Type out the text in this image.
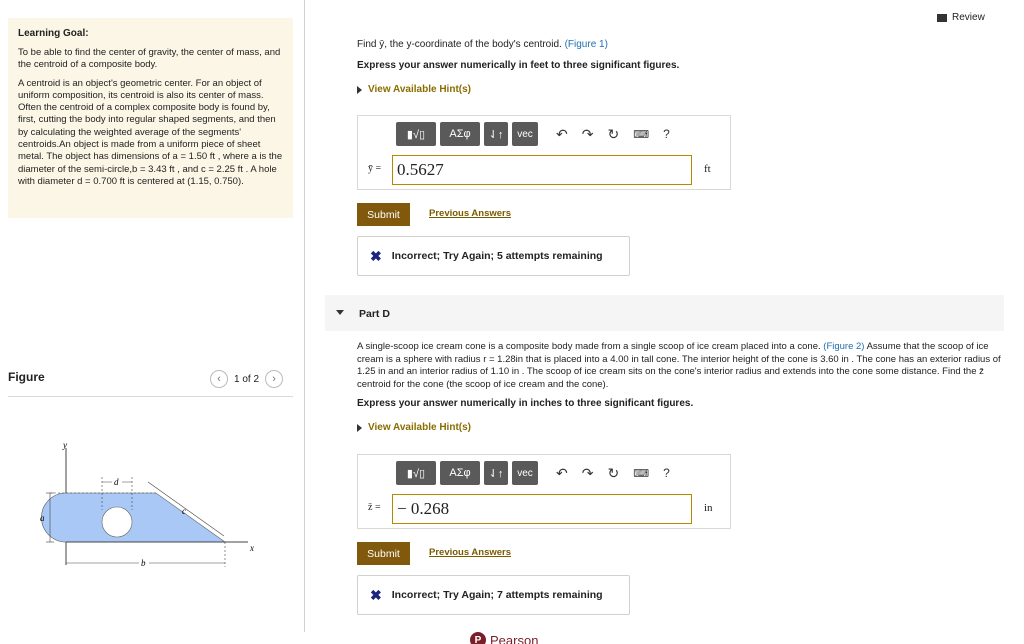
Learning Goal:
To be able to find the center of gravity, the center of mass, and the centroid of a composite body.
A centroid is an object's geometric center. For an object of uniform composition, its centroid is also its center of mass. Often the centroid of a complex composite body is found by, first, cutting the body into regular shaped segments, and then by calculating the weighted average of the segments' centroids.An object is made from a uniform piece of sheet metal. The object has dimensions of a = 1.50 ft , where a is the diameter of the semi-circle,b = 3.43 ft , and c = 2.25 ft . A hole with diameter d = 0.700 ft is centered at (1.15, 0.750).
Figure	‹	1 of 2	›
y
x
a
d
c
b
Review
Find ȳ, the y-coordinate of the body's centroid. (Figure 1)
Express your answer numerically in feet to three significant figures.
View Available Hint(s)
▮√▯	ΑΣφ	⇃↑	vec	↶ ↷ ↻ ⌨ ?
ȳ = 0.5627	ft
Submit	Previous Answers
✖ Incorrect; Try Again; 5 attempts remaining
Part D
A single-scoop ice cream cone is a composite body made from a single scoop of ice cream placed into a cone. (Figure 2) Assume that the scoop of ice cream is a sphere with radius r = 1.28in that is placed into a 4.00 in tall cone. The interior height of the cone is 3.60 in . The cone has an exterior radius of 1.25 in and an interior radius of 1.10 in . The scoop of ice cream sits on the cone's interior radius and extends into the cone some distance. Find the z̄ centroid for the cone (the scoop of ice cream and the cone).
Express your answer numerically in inches to three significant figures.
View Available Hint(s)
▮√▯	ΑΣφ	⇃↑	vec	↶ ↷ ↻ ⌨ ?
z̄ = − 0.268	in
Submit	Previous Answers
✖ Incorrect; Try Again; 7 attempts remaining
P Pearson
